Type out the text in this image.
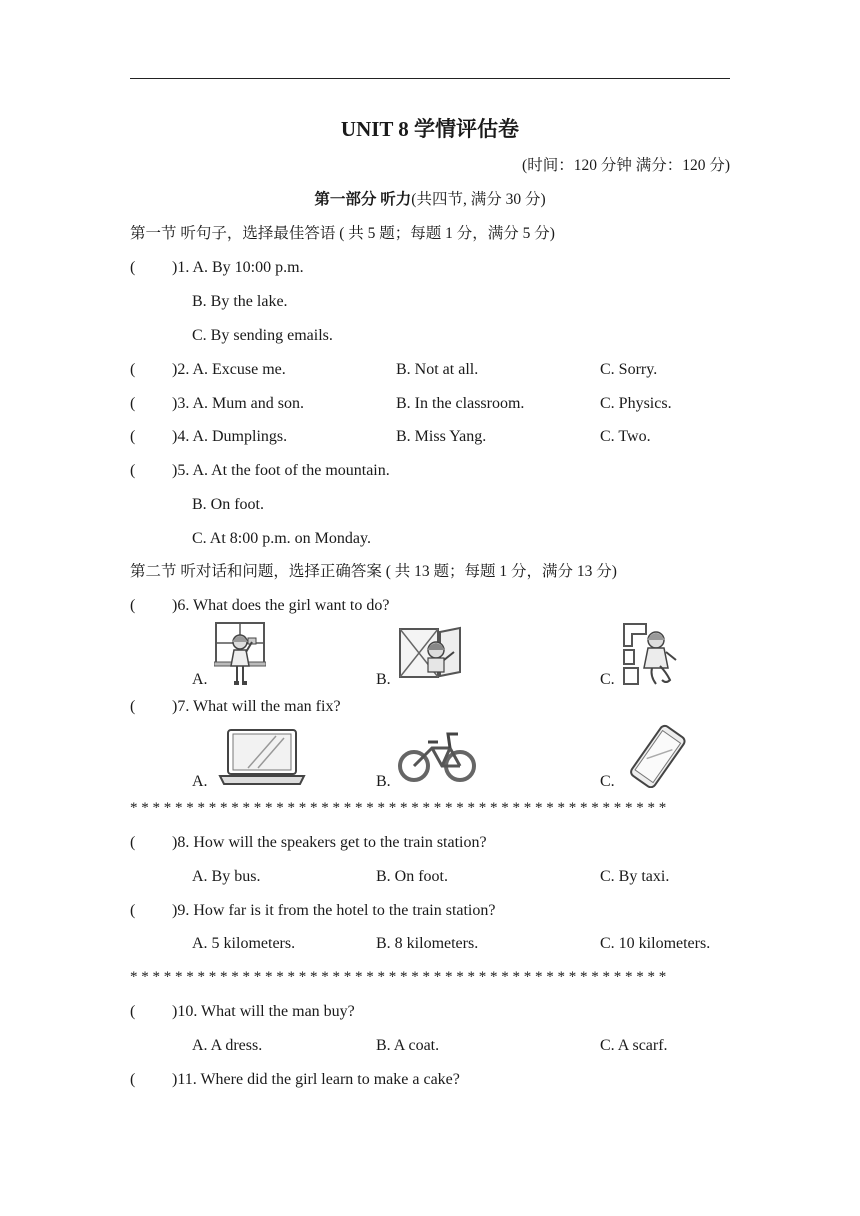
UNIT 8 学情评估卷
(时间：120 分钟 满分：120 分)
第一部分 听力(共四节, 满分 30 分)
第一节 听句子，选择最佳答语 ( 共 5 题；每题 1 分，满分 5 分)
( )1. A. By 10:00 p.m.
B. By the lake.
C. By sending emails.
( )2. A. Excuse me.	B. Not at all.	C. Sorry.
( )3. A. Mum and son.	B. In the classroom.	C. Physics.
( )4. A. Dumplings.	B. Miss Yang.	C. Two.
( )5. A. At the foot of the mountain.
B. On foot.
C. At 8:00 p.m. on Monday.
第二节 听对话和问题，选择正确答案 ( 共 13 题；每题 1 分，满分 13 分)
( )6. What does the girl want to do?
A.	B.	C.
( )7. What will the man fix?
A.	B.	C.
* * * * * * * * * * * * * * * * * * * * * * * * * * * * * * * * * * * * * * * * * * * * * * * *
( )8. How will the speakers get to the train station?
A. By bus.	B. On foot.	C. By taxi.
( )9. How far is it from the hotel to the train station?
A. 5 kilometers.	B. 8 kilometers.	C. 10 kilometers.
* * * * * * * * * * * * * * * * * * * * * * * * * * * * * * * * * * * * * * * * * * * * * * * *
( )10. What will the man buy?
A. A dress.	B. A coat.	C. A scarf.
( )11. Where did the girl learn to make a cake?
